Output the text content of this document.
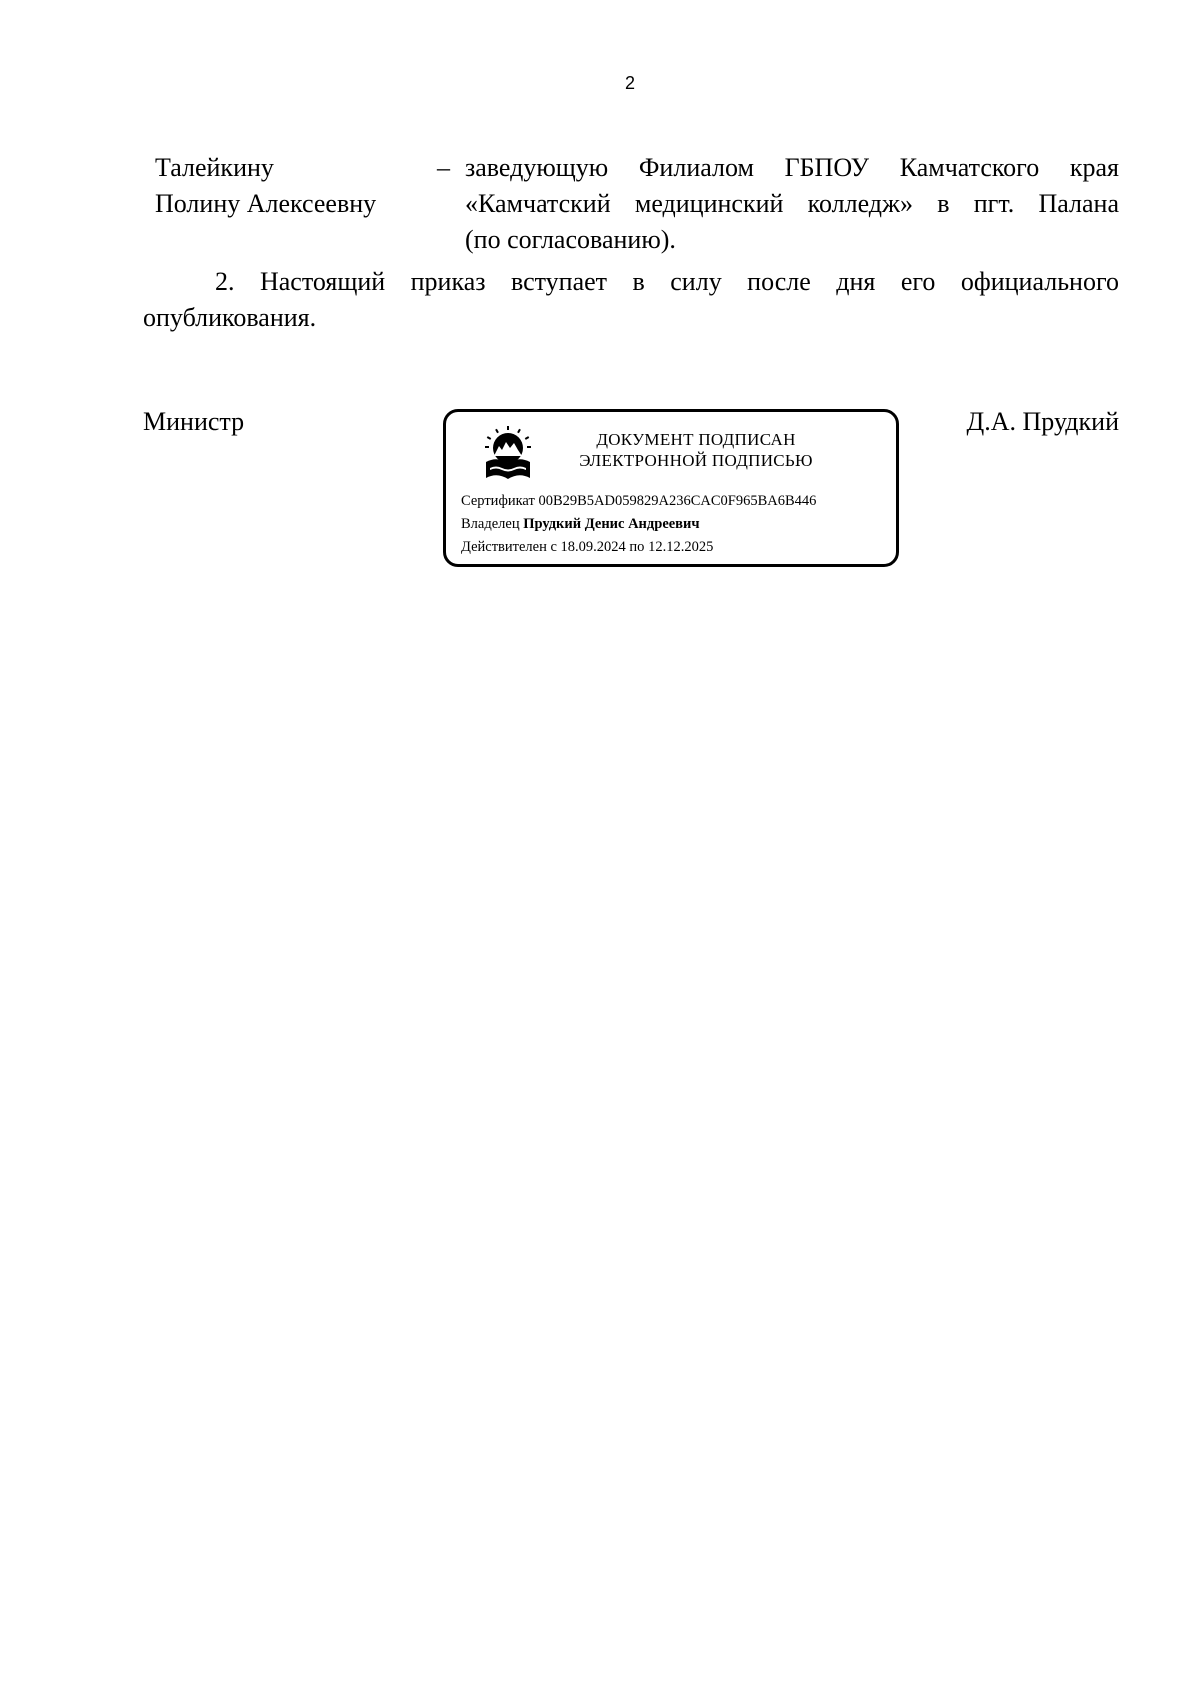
2
Талейкину
Полину Алексеевну
– заведующую Филиалом ГБПОУ Камчатского края
«Камчатский медицинский колледж» в пгт. Палана
(по согласованию).
2. Настоящий приказ вступает в силу после дня его официального
опубликования.
Министр	Д.А. Прудкий
ДОКУМЕНТ ПОДПИСАН
ЭЛЕКТРОННОЙ ПОДПИСЬЮ
Сертификат 00B29B5AD059829A236CAC0F965BA6B446
Владелец Прудкий Денис Андреевич
Действителен с 18.09.2024 по 12.12.2025
